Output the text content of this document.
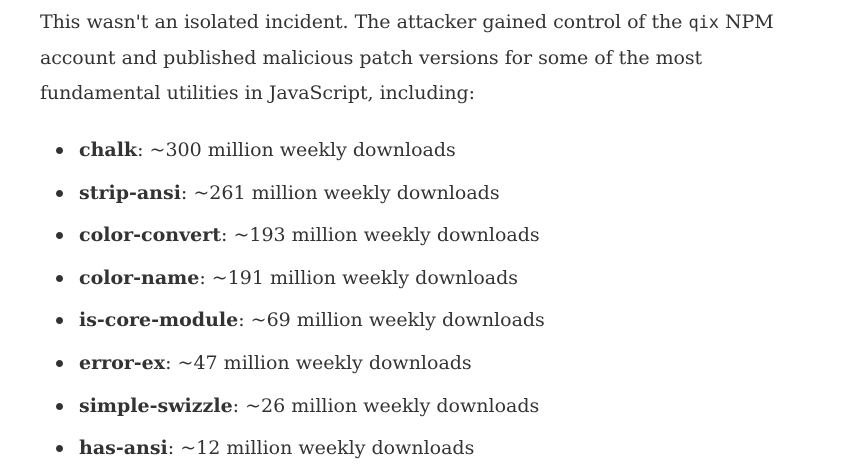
This wasn't an isolated incident. The attacker gained control of the qix NPM account and published malicious patch versions for some of the most fundamental utilities in JavaScript, including:

chalk: ~300 million weekly downloads
strip-ansi: ~261 million weekly downloads
color-convert: ~193 million weekly downloads
color-name: ~191 million weekly downloads
is-core-module: ~69 million weekly downloads
error-ex: ~47 million weekly downloads
simple-swizzle: ~26 million weekly downloads
has-ansi: ~12 million weekly downloads
